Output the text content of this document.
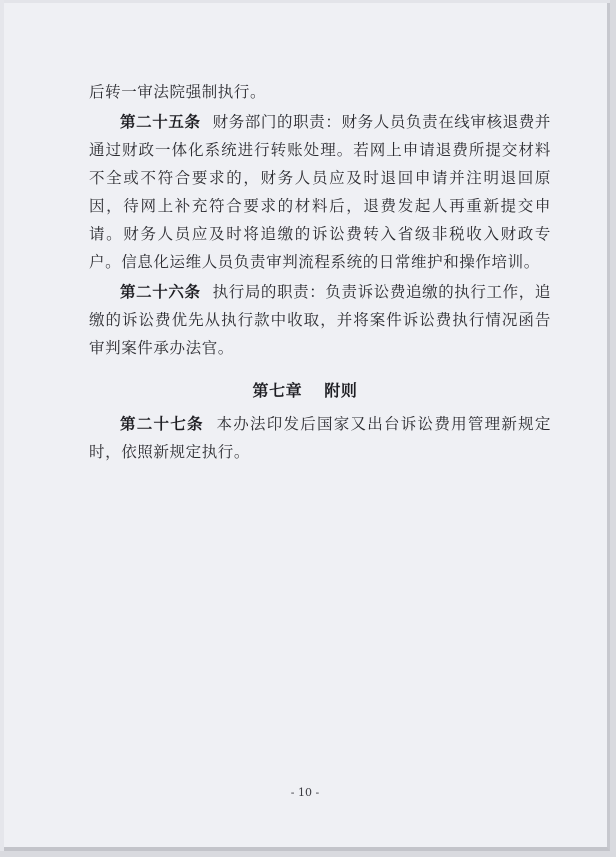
后转一审法院强制执行。

第二十五条 财务部门的职责：财务人员负责在线审核退费并通过财政一体化系统进行转账处理。若网上申请退费所提交材料不全或不符合要求的，财务人员应及时退回申请并注明退回原因，待网上补充符合要求的材料后，退费发起人再重新提交申请。财务人员应及时将追缴的诉讼费转入省级非税收入财政专户。信息化运维人员负责审判流程系统的日常维护和操作培训。

第二十六条 执行局的职责：负责诉讼费追缴的执行工作，追缴的诉讼费优先从执行款中收取，并将案件诉讼费执行情况函告审判案件承办法官。

第七章 附则

第二十七条 本办法印发后国家又出台诉讼费用管理新规定时，依照新规定执行。

- 10 -
